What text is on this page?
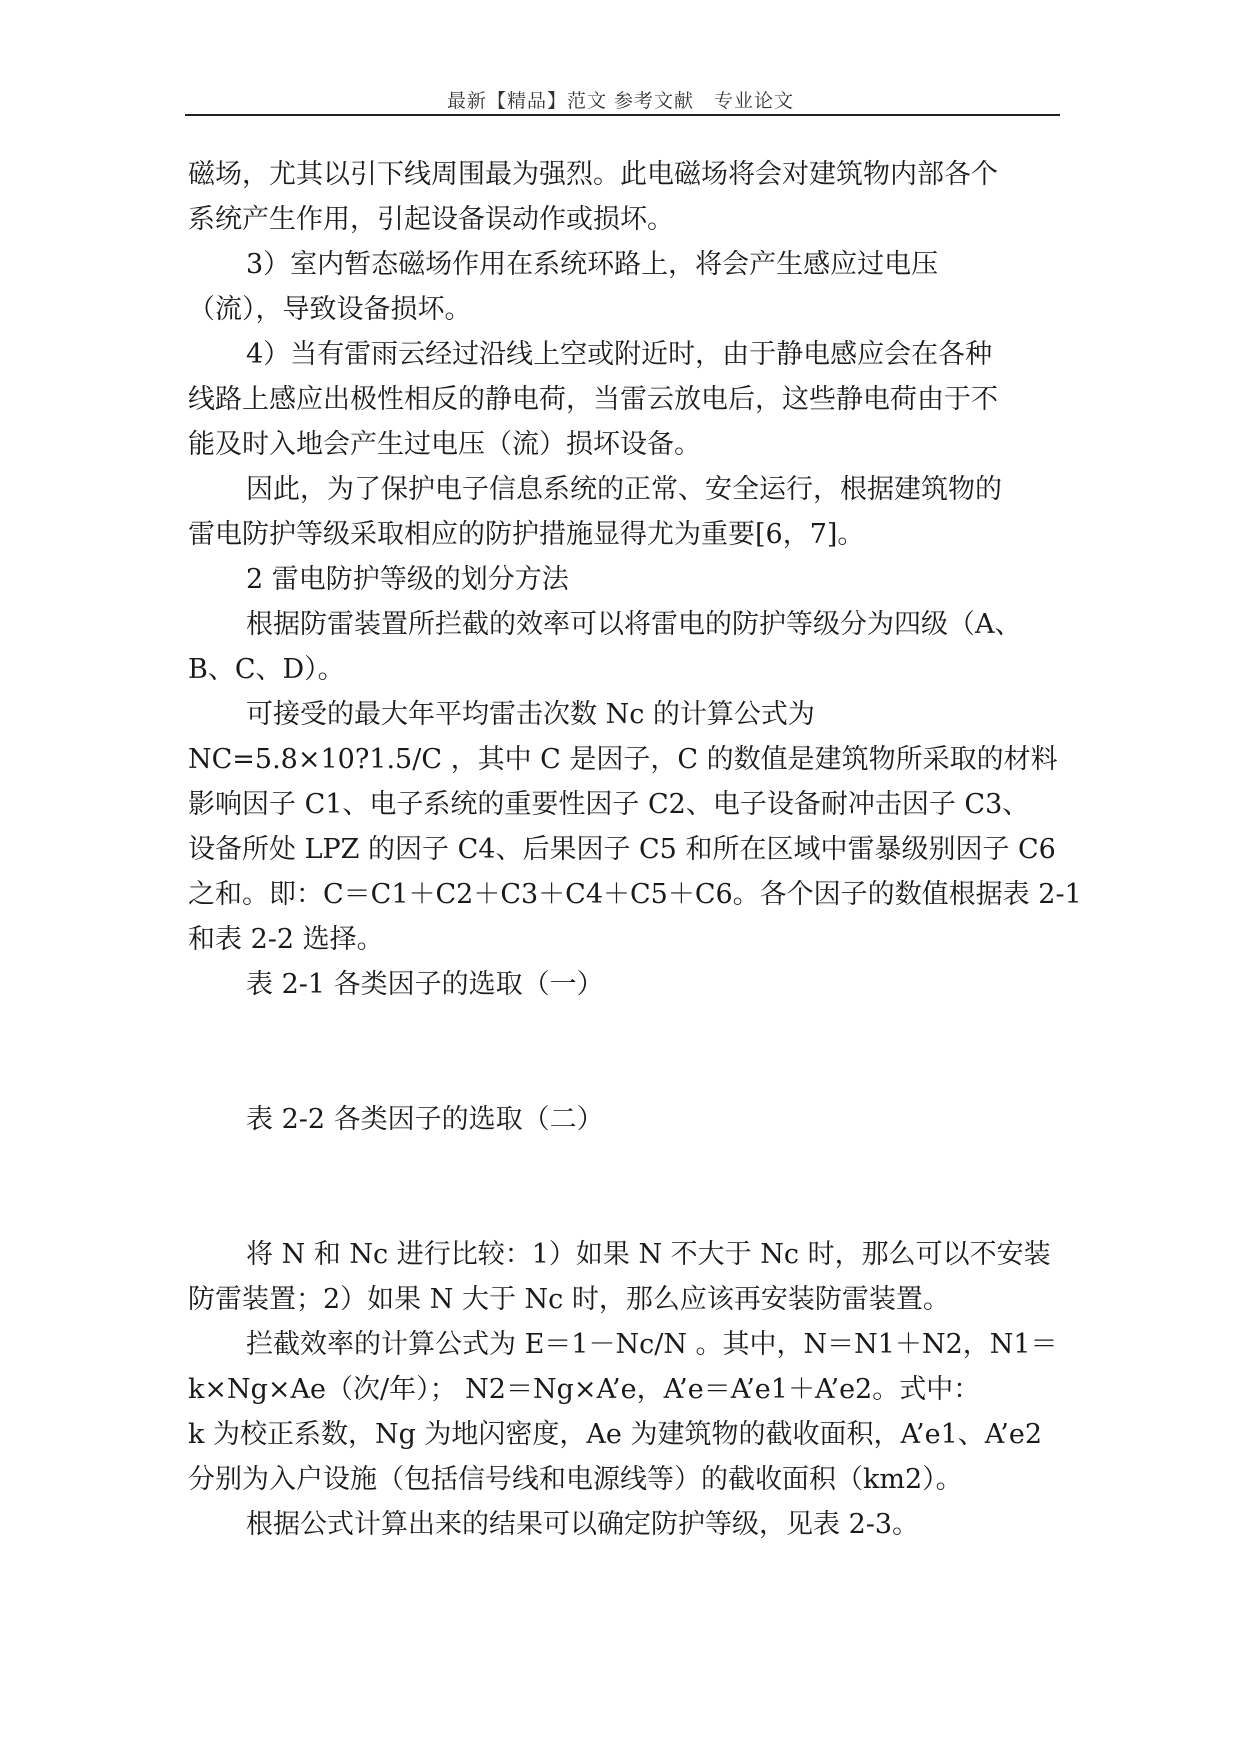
最新【精品】范文 参考文献　专业论文
磁场，尤其以引下线周围最为强烈。此电磁场将会对建筑物内部各个
系统产生作用，引起设备误动作或损坏。
3）室内暂态磁场作用在系统环路上，将会产生感应过电压
（流），导致设备损坏。
4）当有雷雨云经过沿线上空或附近时，由于静电感应会在各种
线路上感应出极性相反的静电荷，当雷云放电后，这些静电荷由于不
能及时入地会产生过电压（流）损坏设备。
因此，为了保护电子信息系统的正常、安全运行，根据建筑物的
雷电防护等级采取相应的防护措施显得尤为重要[6，7]。
2 雷电防护等级的划分方法
根据防雷装置所拦截的效率可以将雷电的防护等级分为四级（A、
B、C、D）。
可接受的最大年平均雷击次数 Nc 的计算公式为
NC=5.8×10?1.5/C ，其中 C 是因子，C 的数值是建筑物所采取的材料
影响因子 C1、电子系统的重要性因子 C2、电子设备耐冲击因子 C3、
设备所处 LPZ 的因子 C4、后果因子 C5 和所在区域中雷暴级别因子 C6
之和。即：C＝C1＋C2＋C3＋C4＋C5＋C6。各个因子的数值根据表 2-1
和表 2-2 选择。
表 2-1 各类因子的选取（一）
表 2-2 各类因子的选取（二）
将 N 和 Nc 进行比较：1）如果 N 不大于 Nc 时，那么可以不安装
防雷装置；2）如果 N 大于 Nc 时，那么应该再安装防雷装置。
拦截效率的计算公式为 E＝1－Nc/N 。其中，N＝N1＋N2，N1＝
k×Ng×Ae（次/年）； N2＝Ng×A’e，A’e＝A’e1＋A’e2。式中：
k 为校正系数，Ng 为地闪密度，Ae 为建筑物的截收面积，A’e1、A’e2
分别为入户设施（包括信号线和电源线等）的截收面积（km2）。
根据公式计算出来的结果可以确定防护等级，见表 2-3。
